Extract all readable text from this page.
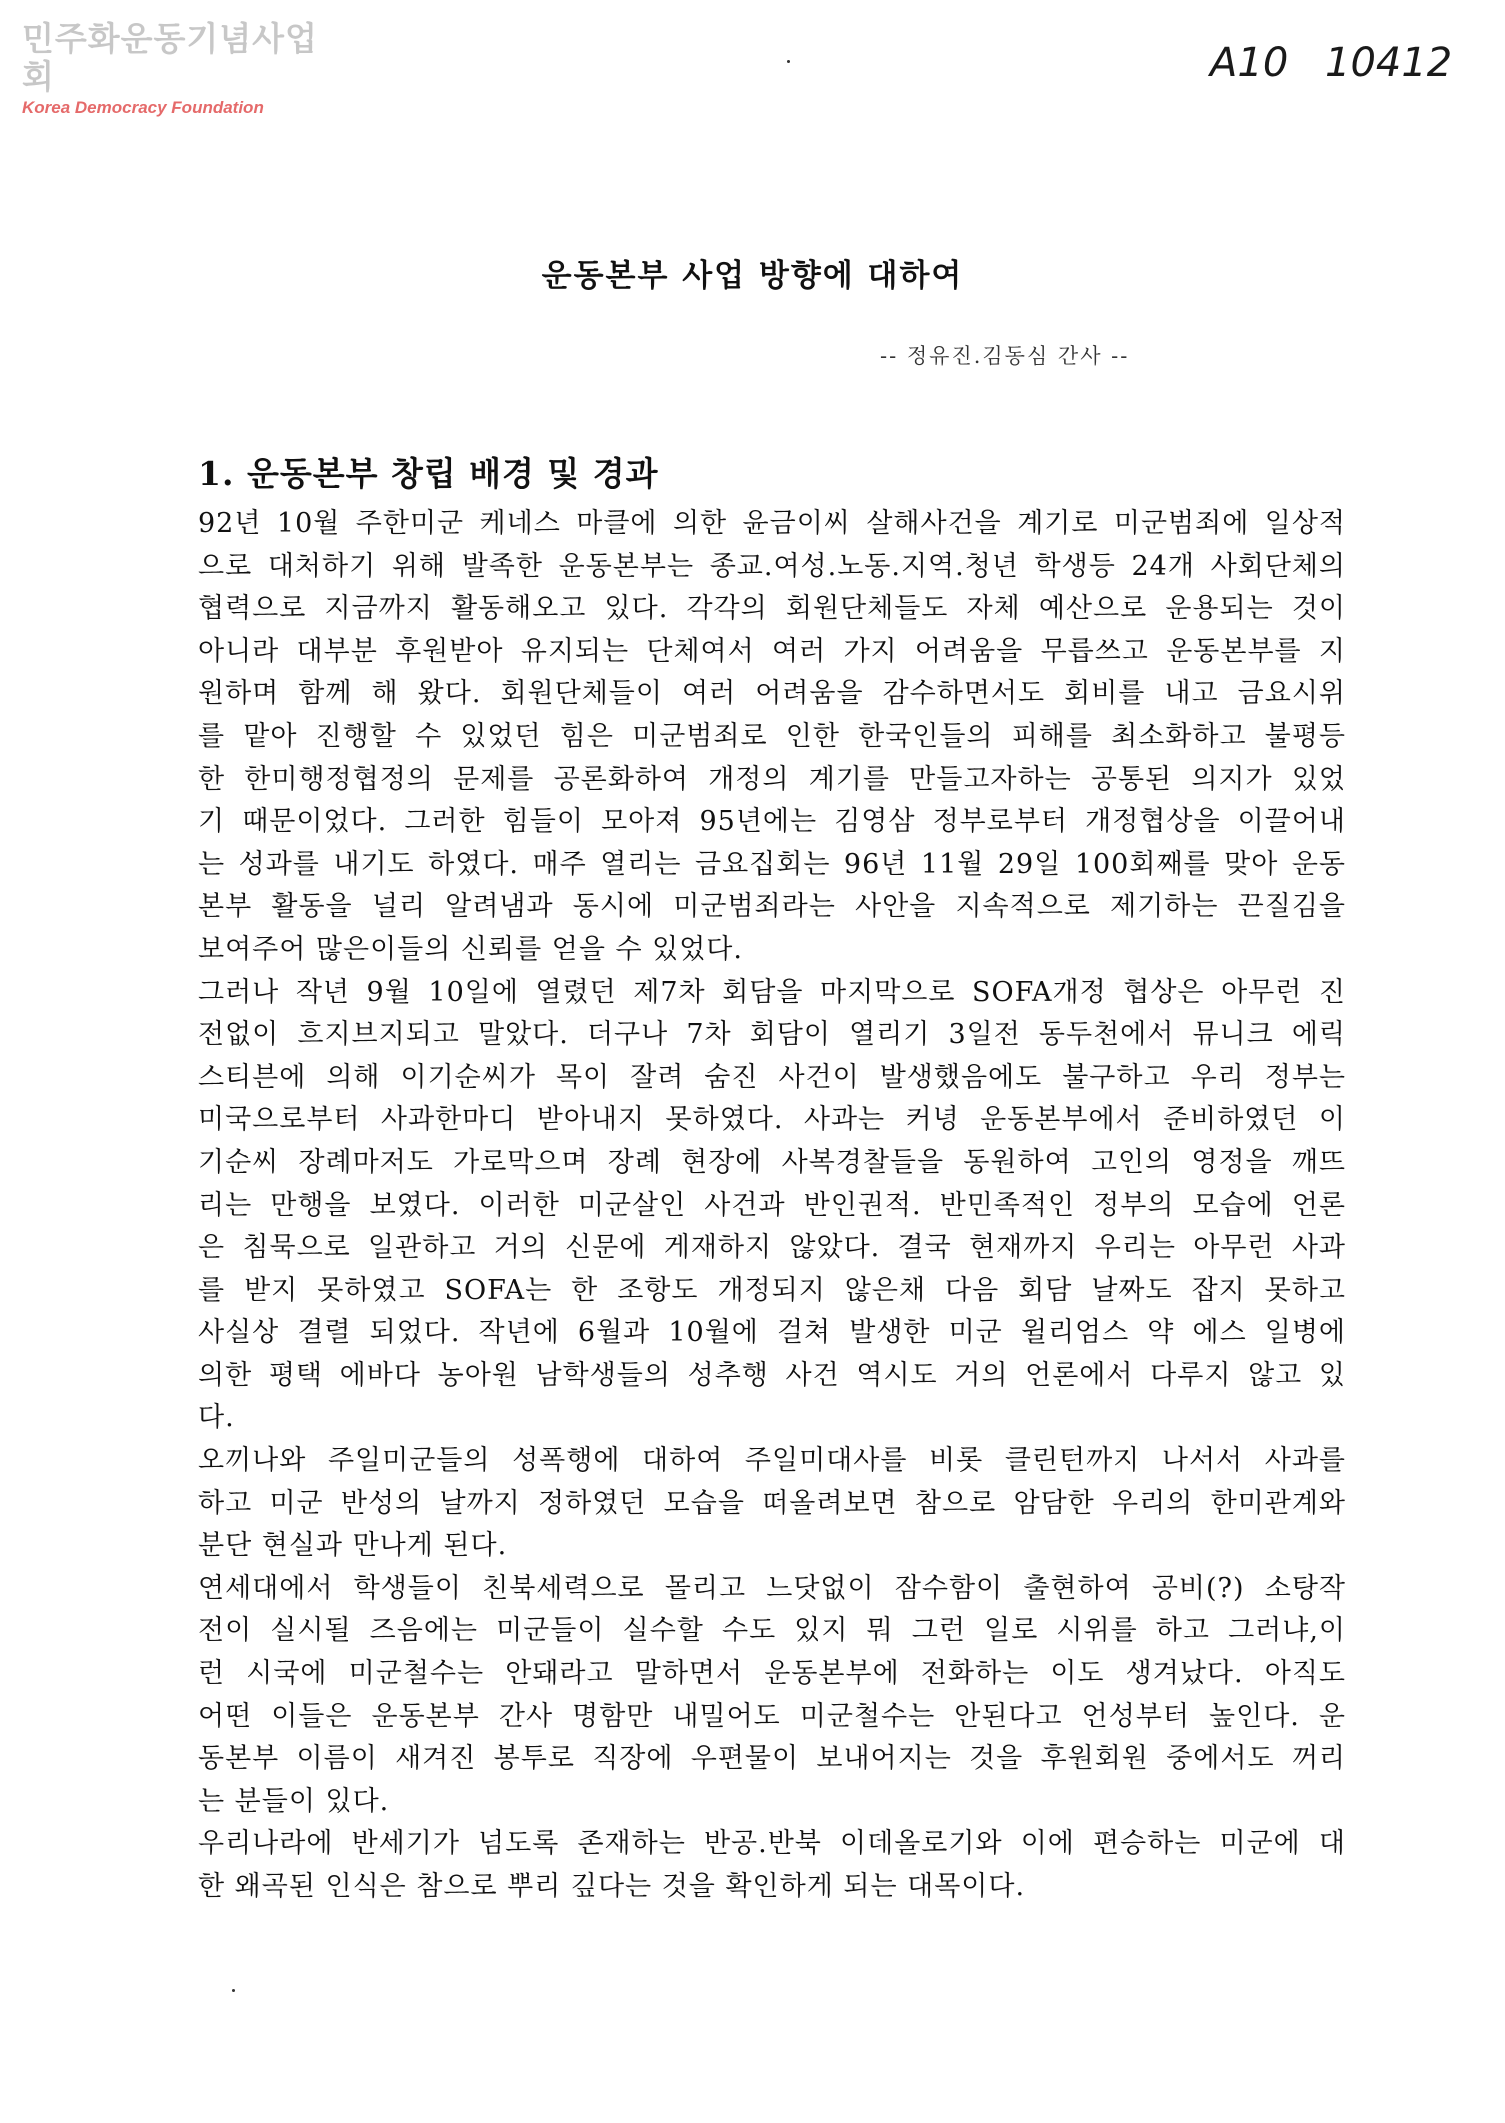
민주화운동기념사업회
Korea Democracy Foundation
A10 10412
운동본부 사업 방향에 대하여
-- 정유진.김동심 간사 --
1. 운동본부 창립 배경 및 경과
92년 10월 주한미군 케네스 마클에 의한 윤금이씨 살해사건을 계기로 미군범죄에 일상적
으로 대처하기 위해 발족한 운동본부는 종교.여성.노동.지역.청년 학생등 24개 사회단체의
협력으로 지금까지 활동해오고 있다. 각각의 회원단체들도 자체 예산으로 운용되는 것이
아니라 대부분 후원받아 유지되는 단체여서 여러 가지 어려움을 무릅쓰고 운동본부를 지
원하며 함께 해 왔다. 회원단체들이 여러 어려움을 감수하면서도 회비를 내고 금요시위
를 맡아 진행할 수 있었던 힘은 미군범죄로 인한 한국인들의 피해를 최소화하고 불평등
한 한미행정협정의 문제를 공론화하여 개정의 계기를 만들고자하는 공통된 의지가 있었
기 때문이었다. 그러한 힘들이 모아져 95년에는 김영삼 정부로부터 개정협상을 이끌어내
는 성과를 내기도 하였다. 매주 열리는 금요집회는 96년 11월 29일 100회째를 맞아 운동
본부 활동을 널리 알려냄과 동시에 미군범죄라는 사안을 지속적으로 제기하는 끈질김을
보여주어 많은이들의 신뢰를 얻을 수 있었다.
그러나 작년 9월 10일에 열렸던 제7차 회담을 마지막으로 SOFA개정 협상은 아무런 진
전없이 흐지브지되고 말았다. 더구나 7차 회담이 열리기 3일전 동두천에서 뮤니크 에릭
스티븐에 의해 이기순씨가 목이 잘려 숨진 사건이 발생했음에도 불구하고 우리 정부는
미국으로부터 사과한마디 받아내지 못하였다. 사과는 커녕 운동본부에서 준비하였던 이
기순씨 장례마저도 가로막으며 장례 현장에 사복경찰들을 동원하여 고인의 영정을 깨뜨
리는 만행을 보였다. 이러한 미군살인 사건과 반인권적. 반민족적인 정부의 모습에 언론
은 침묵으로 일관하고 거의 신문에 게재하지 않았다. 결국 현재까지 우리는 아무런 사과
를 받지 못하였고 SOFA는 한 조항도 개정되지 않은채 다음 회담 날짜도 잡지 못하고
사실상 결렬 되었다. 작년에 6월과 10월에 걸쳐 발생한 미군 윌리엄스 약 에스 일병에
의한 평택 에바다 농아원 남학생들의 성추행 사건 역시도 거의 언론에서 다루지 않고 있
다.
오끼나와 주일미군들의 성폭행에 대하여 주일미대사를 비롯 클린턴까지 나서서 사과를
하고 미군 반성의 날까지 정하였던 모습을 떠올려보면 참으로 암담한 우리의 한미관계와
분단 현실과 만나게 된다.
연세대에서 학생들이 친북세력으로 몰리고 느닷없이 잠수함이 출현하여 공비(?) 소탕작
전이 실시될 즈음에는 미군들이 실수할 수도 있지 뭐 그런 일로 시위를 하고 그러냐,이
런 시국에 미군철수는 안돼라고 말하면서 운동본부에 전화하는 이도 생겨났다. 아직도
어떤 이들은 운동본부 간사 명함만 내밀어도 미군철수는 안된다고 언성부터 높인다. 운
동본부 이름이 새겨진 봉투로 직장에 우편물이 보내어지는 것을 후원회원 중에서도 꺼리
는 분들이 있다.
우리나라에 반세기가 넘도록 존재하는 반공.반북 이데올로기와 이에 편승하는 미군에 대
한 왜곡된 인식은 참으로 뿌리 깊다는 것을 확인하게 되는 대목이다.
